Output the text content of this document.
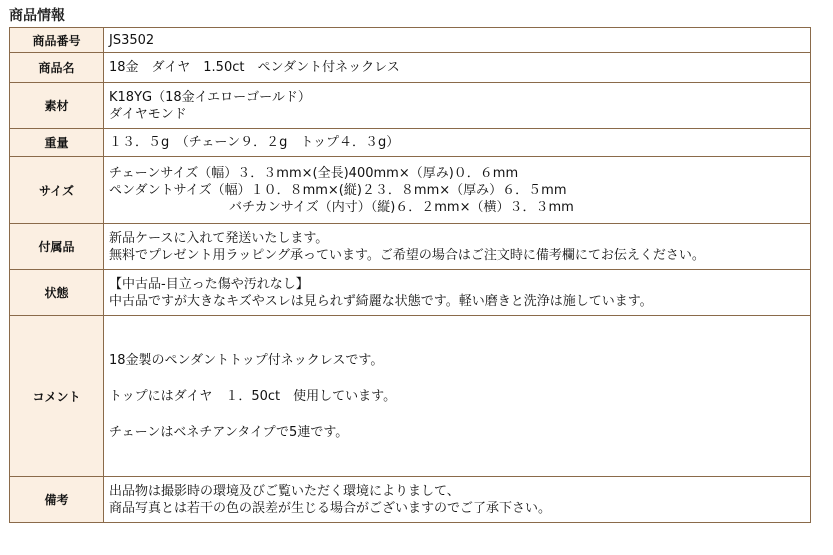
商品情報
商品番号	JS3502
商品名	18金　ダイヤ　1.50ct　ペンダント付ネックレス
素材	K18YG（18金イエローゴールド）
ダイヤモンド

重量	１３．５g　（チェーン９．２g　トップ４．３g）
サイズ	チェーンサイズ（幅）３．３mm×(全長)400mm×（厚み)０．６mm
ペンダントサイズ（幅）１０．８mm×(縦)２３．８mm×（厚み）６．５mm
バチカンサイズ（内寸）（縦)６．２mm×（横）３．３mm

付属品	新品ケースに入れて発送いたします。
無料でプレゼント用ラッピング承っています。ご希望の場合はご注文時に備考欄にてお伝えください。

状態	【中古品-目立った傷や汚れなし】
中古品ですが大きなキズやスレは見られず綺麗な状態です。軽い磨きと洗浄は施しています。

コメント	18金製のペンダントトップ付ネックレスです。
トップにはダイヤ　１．50ct　使用しています。
チェーンはベネチアンタイプで5連です。

備考	出品物は撮影時の環境及びご覧いただく環境によりまして、
商品写真とは若干の色の誤差が生じる場合がございますのでご了承下さい。
